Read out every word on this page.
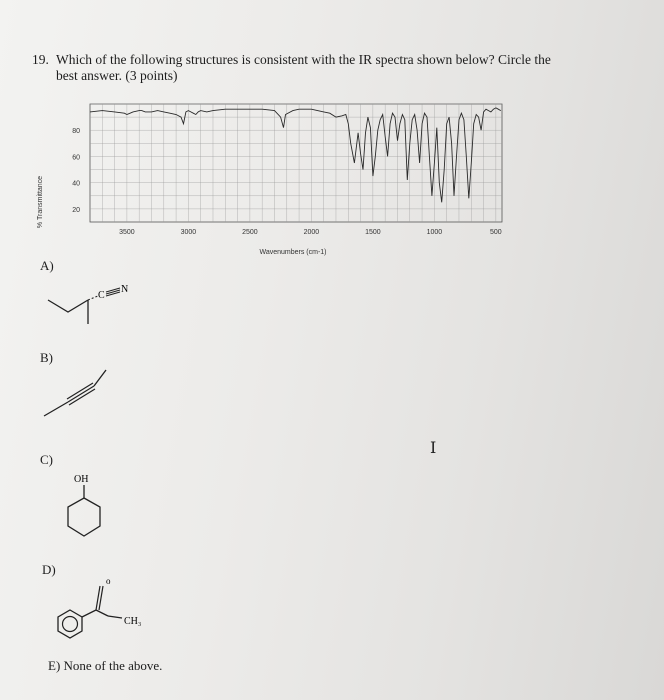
19. Which of the following structures is consistent with the IR spectra shown below? Circle the best answer. (3 points)
% Transmittance
80
60
40
20
3500	3000	2500	2000	1500	1000	500
Wavenumbers (cm-1)
A)
C
N
B)
C)
OH
D)
o
CH₃
E) None of the above.
I
